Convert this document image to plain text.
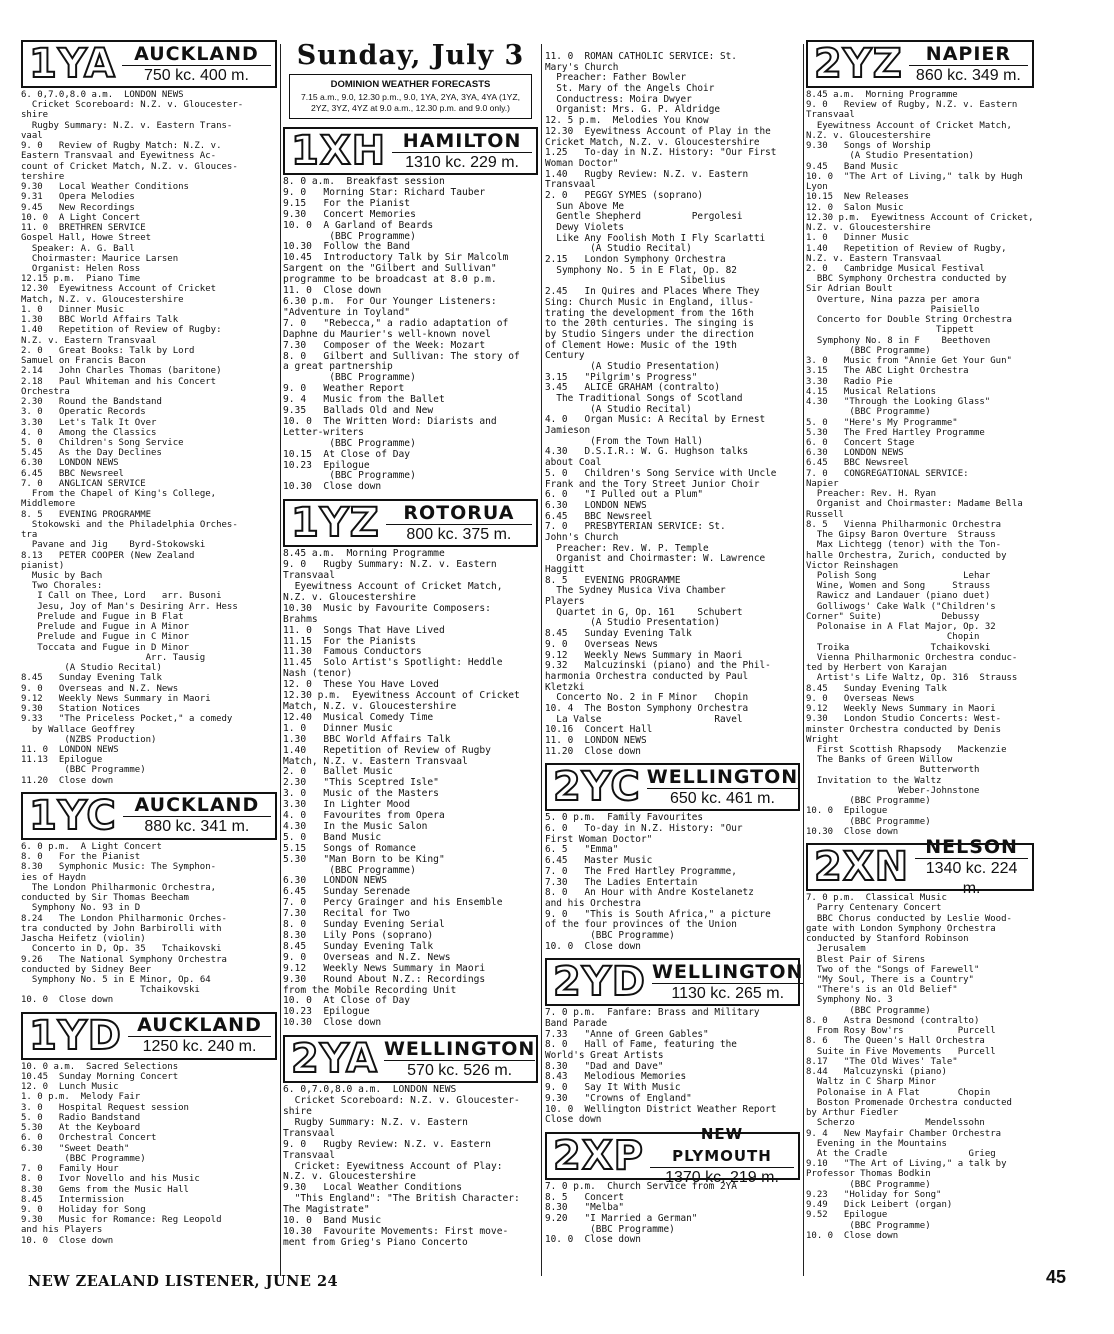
Sunday, July 3
1YA AUCKLAND
750 kc. 400 m.
6. 0,7.0,8.0 a.m.  LONDON NEWS
Cricket Scoreboard: N.Z. v. Gloucester-
shire
Rugby Summary: N.Z. v. Eastern Trans-
vaal
9. 0   Review of Rugby Match: N.Z. v.
Eastern Transvaal and Eyewitness Ac-
count of Cricket Match, N.Z. v. Glouces-
tershire
9.30   Local Weather Conditions
9.31   Opera Melodies
9.45   New Recordings
10. 0  A Light Concert
11. 0  BRETHREN SERVICE
Gospel Hall, Howe Street
Speaker: A. G. Ball
Choirmaster: Maurice Larsen
Organist: Helen Ross
12.15 p.m.  Piano Time
12.30  Eyewitness Account of Cricket
Match, N.Z. v. Gloucestershire
1. 0   Dinner Music
1.30   BBC World Affairs Talk
1.40   Repetition of Review of Rugby:
N.Z. v. Eastern Transvaal
2. 0   Great Books: Talk by Lord
Samuel on Francis Bacon
2.14   John Charles Thomas (baritone)
2.18   Paul Whiteman and his Concert
Orchestra
2.30   Round the Bandstand
3. 0   Operatic Records
3.30   Let's Talk It Over
4. 0   Among the Classics
5. 0   Children's Song Service
5.45   As the Day Declines
6.30   LONDON NEWS
6.45   BBC Newsreel
7. 0   ANGLICAN SERVICE
From the Chapel of King's College,
Middlemore
8. 5   EVENING PROGRAMME
Stokowski and the Philadelphia Orches-
tra
Pavane and Jig    Byrd-Stokowski
8.13   PETER COOPER (New Zealand
pianist)
Music by Bach
Two Chorales:
I Call on Thee, Lord   arr. Busoni
Jesu, Joy of Man's Desiring Arr. Hess
Prelude and Fugue in B Flat
Prelude and Fugue in A Minor
Prelude and Fugue in C Minor
Toccata and Fugue in D Minor
Arr. Tausig
(A Studio Recital)
8.45   Sunday Evening Talk
9. 0   Overseas and N.Z. News
9.12   Weekly News Summary in Maori
9.30   Station Notices
9.33   "The Priceless Pocket," a comedy
by Wallace Geoffrey
(NZBS Production)
11. 0  LONDON NEWS
11.13  Epilogue
(BBC Programme)
11.20  Close down
1YC AUCKLAND
880 kc. 341 m.
6. 0 p.m.  A Light Concert
8. 0   For the Pianist
8.30   Symphonic Music: The Symphon-
ies of Haydn
The London Philharmonic Orchestra,
conducted by Sir Thomas Beecham
Symphony No. 93 in D
8.24   The London Philharmonic Orches-
tra conducted by John Barbirolli with
Jascha Heifetz (violin)
Concerto in D, Op. 35   Tchaikovski
9.26   The National Symphony Orchestra
conducted by Sidney Beer
Symphony No. 5 in E Minor, Op. 64
Tchaikovski
10. 0  Close down
1YD AUCKLAND
1250 kc. 240 m.
10. 0 a.m.  Sacred Selections
10.45  Sunday Morning Concert
12. 0  Lunch Music
1. 0 p.m.  Melody Fair
3. 0   Hospital Request session
5. 0   Radio Bandstand
5.30   At the Keyboard
6. 0   Orchestral Concert
6.30   "Sweet Death"
(BBC Programme)
7. 0   Family Hour
8. 0   Ivor Novello and his Music
8.30   Gems from the Music Hall
8.45   Intermission
9. 0   Holiday for Song
9.30   Music for Romance: Reg Leopold
and his Players
10. 0  Close down
DOMINION WEATHER FORECASTS
7.15 a.m., 9.0, 12.30 p.m., 9.0, 1YA, 2YA, 3YA, 4YA (1YZ, 2YZ, 3YZ, 4YZ at 9.0 a.m., 12.30 p.m. and 9.0 only.)
1XH HAMILTON
1310 kc. 229 m.
8. 0 a.m.  Breakfast session
9. 0   Morning Star: Richard Tauber
9.15   For the Pianist
9.30   Concert Memories
10. 0  A Garland of Beards
(BBC Programme)
10.30  Follow the Band
10.45  Introductory Talk by Sir Malcolm
Sargent on the "Gilbert and Sullivan"
programme to be broadcast at 8.0 p.m.
11. 0  Close down
6.30 p.m.  For Our Younger Listeners:
"Adventure in Toyland"
7. 0   "Rebecca," a radio adaptation of
Daphne du Maurier's well-known novel
7.30   Composer of the Week: Mozart
8. 0   Gilbert and Sullivan: The story of
a great partnership
(BBC Programme)
9. 0   Weather Report
9. 4   Music from the Ballet
9.35   Ballads Old and New
10. 0  The Written Word: Diarists and
Letter-writers
(BBC Programme)
10.15  At Close of Day
10.23  Epilogue
(BBC Programme)
10.30  Close down
1YZ	ROTORUA
800 kc. 375 m.
8.45 a.m.  Morning Programme
9. 0   Rugby Summary: N.Z. v. Eastern
Transvaal
Eyewitness Account of Cricket Match,
N.Z. v. Gloucestershire
10.30  Music by Favourite Composers:
Brahms
11. 0  Songs That Have Lived
11.15  For the Pianists
11.30  Famous Conductors
11.45  Solo Artist's Spotlight: Heddle
Nash (tenor)
12. 0  These You Have Loved
12.30 p.m.  Eyewitness Account of Cricket
Match, N.Z. v. Gloucestershire
12.40  Musical Comedy Time
1. 0   Dinner Music
1.30   BBC World Affairs Talk
1.40   Repetition of Review of Rugby
Match, N.Z. v. Eastern Transvaal
2. 0   Ballet Music
2.30   "This Sceptred Isle"
3. 0   Music of the Masters
3.30   In Lighter Mood
4. 0   Favourites from Opera
4.30   In the Music Salon
5. 0   Band Music
5.15   Songs of Romance
5.30   "Man Born to be King"
(BBC Programme)
6.30   LONDON NEWS
6.45   Sunday Serenade
7. 0   Percy Grainger and his Ensemble
7.30   Recital for Two
8. 0   Sunday Evening Serial
8.30   Lily Pons (soprano)
8.45   Sunday Evening Talk
9. 0   Overseas and N.Z. News
9.12   Weekly News Summary in Maori
9.30   Round About N.Z.: Recordings
from the Mobile Recording Unit
10. 0  At Close of Day
10.23  Epilogue
10.30  Close down
2YA WELLINGTON
570 kc. 526 m.
6. 0,7.0,8.0 a.m.  LONDON NEWS
Cricket Scoreboard: N.Z. v. Gloucester-
shire
Rugby Summary: N.Z. v. Eastern
Transvaal
9. 0   Rugby Review: N.Z. v. Eastern
Transvaal
Cricket: Eyewitness Account of Play:
N.Z. v. Gloucestershire
9.30   Local Weather Conditions
"This England": "The British Character:
The Magistrate"
10. 0  Band Music
10.30  Favourite Movements: First move-
ment from Grieg's Piano Concerto
11. 0  ROMAN CATHOLIC SERVICE: St.
Mary's Church
Preacher: Father Bowler
St. Mary of the Angels Choir
Conductress: Moira Dwyer
Organist: Mrs. G. P. Aldridge
12. 5 p.m.  Melodies You Know
12.30  Eyewitness Account of Play in the
Cricket Match, N.Z. v. Gloucestershire
1.25   To-day in N.Z. History: "Our First
Woman Doctor"
1.40   Rugby Review: N.Z. v. Eastern
Transvaal
2. 0   PEGGY SYMES (soprano)
Sun Above Me
Gentle Shepherd         Pergolesi
Dewy Violets
Like Any Foolish Moth I Fly Scarlatti
(A Studio Recital)
2.15   London Symphony Orchestra
Symphony No. 5 in E Flat, Op. 82
Sibelius
2.45   In Quires and Places Where They
Sing: Church Music in England, illus-
trating the development from the 16th
to the 20th centuries. The singing is
by Studio Singers under the direction
of Clement Howe: Music of the 19th
Century
(A Studio Presentation)
3.15   "Pilgrim's Progress"
3.45   ALICE GRAHAM (contralto)
The Traditional Songs of Scotland
(A Studio Recital)
4. 0   Organ Music: A Recital by Ernest
Jamieson
(From the Town Hall)
4.30   D.S.I.R.: W. G. Hughson talks
about Coal
5. 0   Children's Song Service with Uncle
Frank and the Tory Street Junior Choir
6. 0   "I Pulled out a Plum"
6.30   LONDON NEWS
6.45   BBC Newsreel
7. 0   PRESBYTERIAN SERVICE: St.
John's Church
Preacher: Rev. W. P. Temple
Organist and Choirmaster: W. Lawrence
Haggitt
8. 5   EVENING PROGRAMME
The Sydney Musica Viva Chamber
Players
Quartet in G, Op. 161    Schubert
(A Studio Presentation)
8.45   Sunday Evening Talk
9. 0   Overseas News
9.12   Weekly News Summary in Maori
9.32   Malcuzinski (piano) and the Phil-
harmonia Orchestra conducted by Paul
Kletzki
Concerto No. 2 in F Minor   Chopin
10. 4  The Boston Symphony Orchestra
La Valse                    Ravel
10.16  Concert Hall
11. 0  LONDON NEWS
11.20  Close down
2YC WELLINGTON
650 kc. 461 m.
5. 0 p.m.  Family Favourites
6. 0   To-day in N.Z. History: "Our
First Woman Doctor"
6. 5   "Emma"
6.45   Master Music
7. 0   The Fred Hartley Programme,
7.30   The Ladies Entertain
8. 0   An Hour with Andre Kostelanetz
and his Orchestra
9. 0   "This is South Africa," a picture
of the four provinces of the Union
(BBC Programme)
10. 0  Close down
2YD WELLINGTON
1130 kc. 265 m.
7. 0 p.m.  Fanfare: Brass and Military
Band Parade
7.33   "Anne of Green Gables"
8. 0   Hall of Fame, featuring the
World's Great Artists
8.30   "Dad and Dave"
8.43   Melodious Memories
9. 0   Say It With Music
9.30   "Crowns of England"
10. 0  Wellington District Weather Report
Close down
2XP	NEW PLYMOUTH
1370 kc. 219 m.
7. 0 p.m.  Church Service from 2YA
8. 5   Concert
8.30   "Melba"
9.20   "I Married a German"
(BBC Programme)
10. 0  Close down
2YZ	NAPIER
860 kc. 349 m.
8.45 a.m.  Morning Programme
9. 0   Review of Rugby, N.Z. v. Eastern
Transvaal
Eyewitness Account of Cricket Match,
N.Z. v. Gloucestershire
9.30   Songs of Worship
(A Studio Presentation)
9.45   Band Music
10. 0  "The Art of Living," talk by Hugh
Lyon
10.15  New Releases
12. 0  Salon Music
12.30 p.m.  Eyewitness Account of Cricket,
N.Z. v. Gloucestershire
1. 0   Dinner Music
1.40   Repetition of Review of Rugby,
N.Z. v. Eastern Transvaal
2. 0   Cambridge Musical Festival
BBC Symphony Orchestra conducted by
Sir Adrian Boult
Overture, Nina pazza per amora
Paisiello
Concerto for Double String Orchestra
Tippett
Symphony No. 8 in F    Beethoven
(BBC Programme)
3. 0   Music from "Annie Get Your Gun"
3.15   The ABC Light Orchestra
3.30   Radio Pie
4.15   Musical Relations
4.30   "Through the Looking Glass"
(BBC Programme)
5. 0   "Here's My Programme"
5.30   The Fred Hartley Programme
6. 0   Concert Stage
6.30   LONDON NEWS
6.45   BBC Newsreel
7. 0   CONGREGATIONAL SERVICE:
Napier
Preacher: Rev. H. Ryan
Organist and Choirmaster: Madame Bella
Russell
8. 5   Vienna Philharmonic Orchestra
The Gipsy Baron Overture  Strauss
Max Lichtegg (tenor) with the Ton-
halle Orchestra, Zurich, conducted by
Victor Reinshagen
Polish Song                Lehar
Wine, Women and Song     Strauss
Rawicz and Landauer (piano duet)
Golliwogs' Cake Walk ("Children's
Corner" Suite)           Debussy
Polonaise in A Flat Major, Op. 32
Chopin
Troika               Tchaikovski
Vienna Philharmonic Orchestra conduc-
ted by Herbert von Karajan
Artist's Life Waltz, Op. 316  Strauss
8.45   Sunday Evening Talk
9. 0   Overseas News
9.12   Weekly News Summary in Maori
9.30   London Studio Concerts: West-
minster Orchestra conducted by Denis
Wright
First Scottish Rhapsody   Mackenzie
The Banks of Green Willow
Butterworth
Invitation to the Waltz
Weber-Johnstone
(BBC Programme)
10. 0  Epilogue
(BBC Programme)
10.30  Close down
2XN NELSON
1340 kc. 224 m.
7. 0 p.m.  Classical Music
Parry Centenary Concert
BBC Chorus conducted by Leslie Wood-
gate with London Symphony Orchestra
conducted by Stanford Robinson
Jerusalem
Blest Pair of Sirens
Two of the "Songs of Farewell"
"My Soul, There is a Country"
"There's is an Old Belief"
Symphony No. 3
(BBC Programme)
8. 0   Astra Desmond (contralto)
From Rosy Bow'rs          Purcell
8. 6   The Queen's Hall Orchestra
Suite in Five Movements   Purcell
8.17   "The Old Wives' Tale"
8.44   Malcuzynski (piano)
Waltz in C Sharp Minor
Polonaise in A Flat       Chopin
Boston Promenade Orchestra conducted
by Arthur Fiedler
Scherzo             Mendelssohn
9. 4   New Mayfair Chamber Orchestra
Evening in the Mountains
At the Cradle               Grieg
9.10   "The Art of Living," a talk by
Professor Thomas Bodkin
(BBC Programme)
9.23   "Holiday for Song"
9.49   Dick Leibert (organ)
9.52   Epilogue
(BBC Programme)
10. 0  Close down
NEW ZEALAND LISTENER, JUNE 24	45
